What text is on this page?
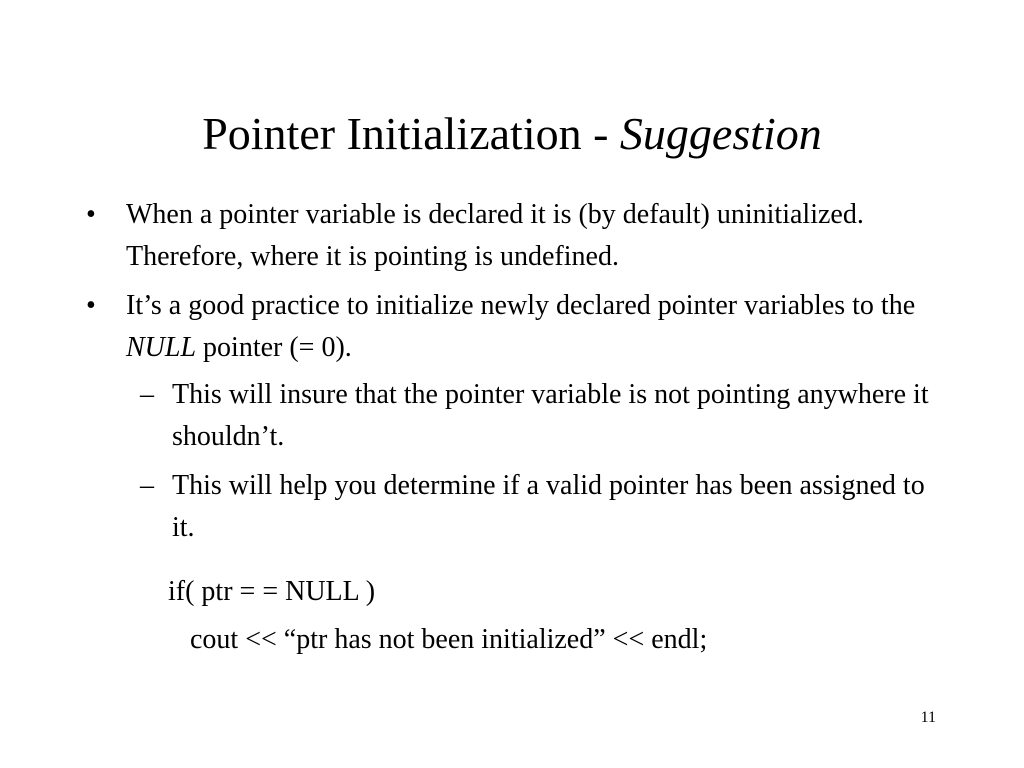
Pointer Initialization - Suggestion
• When a pointer variable is declared it is (by default) uninitialized. Therefore, where it is pointing is undefined.
• It’s a good practice to initialize newly declared pointer variables to the NULL pointer (= 0).
– This will insure that the pointer variable is not pointing anywhere it shouldn’t.
– This will help you determine if a valid pointer has been assigned to it.
if( ptr = = NULL )
cout << “ptr has not been initialized” << endl;
11
